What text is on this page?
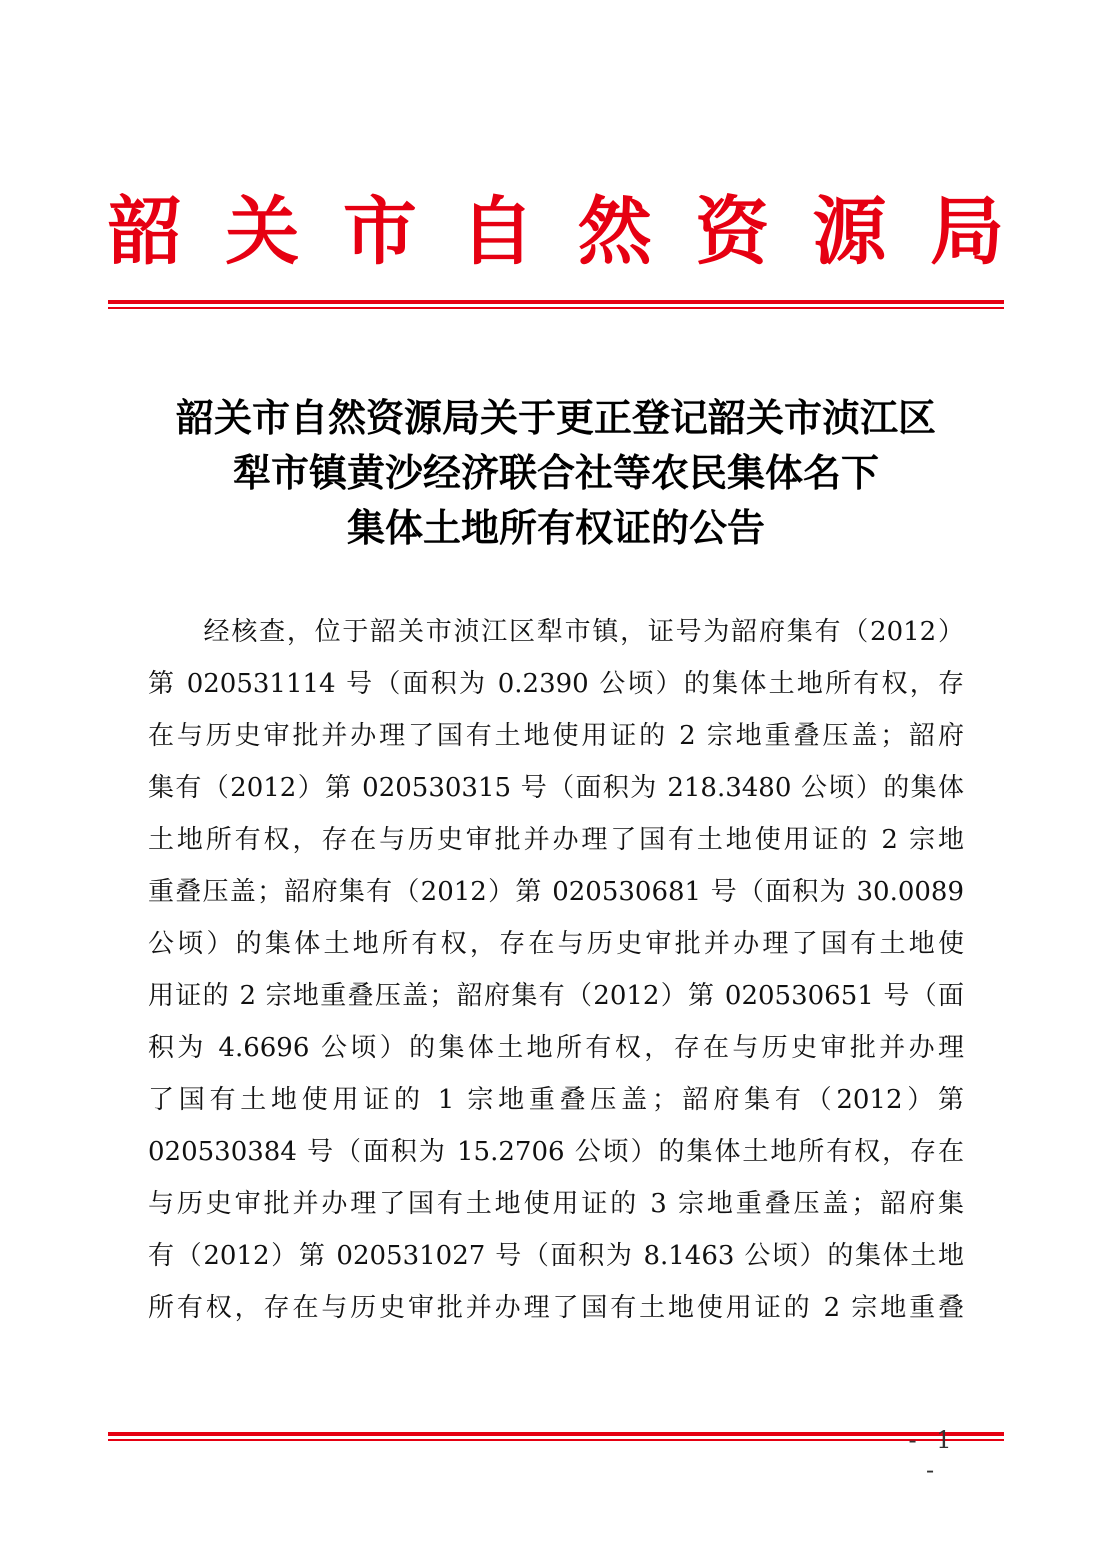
韶 关 市 自 然 资 源 局
韶关市自然资源局关于更正登记韶关市浈江区
犁市镇黄沙经济联合社等农民集体名下
集体土地所有权证的公告
　　经核查，位于韶关市浈江区犁市镇，证号为韶府集有（2012）
第 020531114 号（面积为 0.2390 公顷）的集体土地所有权，存
在与历史审批并办理了国有土地使用证的 2 宗地重叠压盖；韶府
集有（2012）第 020530315 号（面积为 218.3480 公顷）的集体
土地所有权，存在与历史审批并办理了国有土地使用证的 2 宗地
重叠压盖；韶府集有（2012）第 020530681 号（面积为 30.0089
公顷）的集体土地所有权，存在与历史审批并办理了国有土地使
用证的 2 宗地重叠压盖；韶府集有（2012）第 020530651 号（面
积为 4.6696 公顷）的集体土地所有权，存在与历史审批并办理
了国有土地使用证的 1 宗地重叠压盖；韶府集有（2012）第
020530384 号（面积为 15.2706 公顷）的集体土地所有权，存在
与历史审批并办理了国有土地使用证的 3 宗地重叠压盖；韶府集
有（2012）第 020531027 号（面积为 8.1463 公顷）的集体土地
所有权，存在与历史审批并办理了国有土地使用证的 2 宗地重叠
- 1 -
